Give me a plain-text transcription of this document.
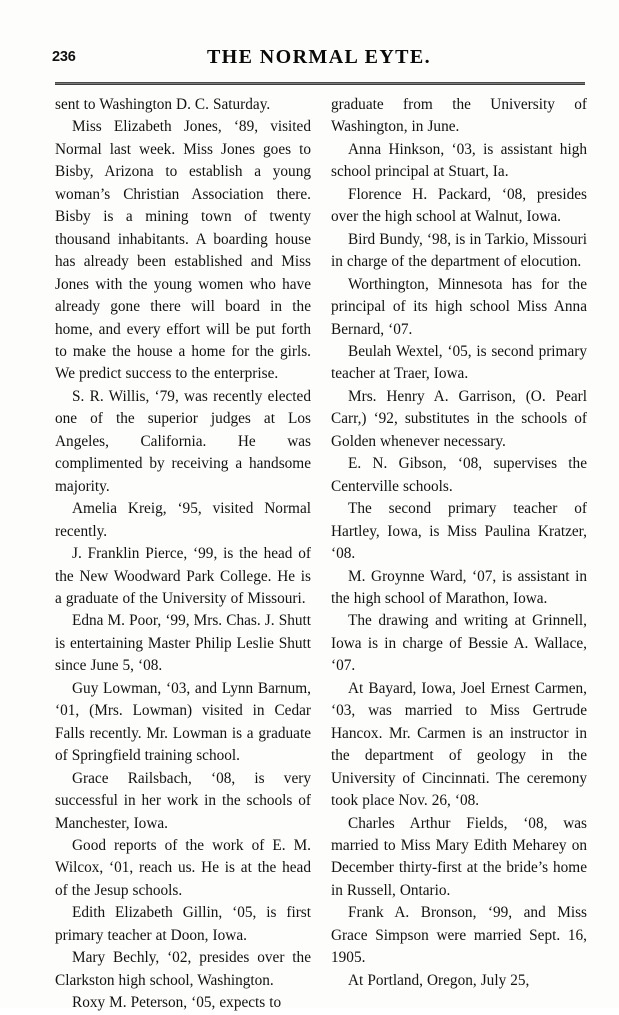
236	THE NORMAL EYTE.

sent to Washington D. C. Saturday.

Miss Elizabeth Jones, ‘89, visited Normal last week. Miss Jones goes to Bisby, Arizona to establish a young woman’s Christian Association there. Bisby is a mining town of twenty thousand inhabitants. A boarding house has already been established and Miss Jones with the young women who have already gone there will board in the home, and every effort will be put forth to make the house a home for the girls. We predict success to the enterprise.

S. R. Willis, ‘79, was recently elected one of the superior judges at Los Angeles, California. He was complimented by receiving a handsome majority.

Amelia Kreig, ‘95, visited Normal recently.

J. Franklin Pierce, ‘99, is the head of the New Woodward Park College. He is a graduate of the University of Missouri.

Edna M. Poor, ‘99, Mrs. Chas. J. Shutt is entertaining Master Philip Leslie Shutt since June 5, ‘08.

Guy Lowman, ‘03, and Lynn Barnum, ‘01, (Mrs. Lowman) visited in Cedar Falls recently. Mr. Lowman is a graduate of Springfield training school.

Grace Railsbach, ‘08, is very successful in her work in the schools of Manchester, Iowa.

Good reports of the work of E. M. Wilcox, ‘01, reach us. He is at the head of the Jesup schools.

Edith Elizabeth Gillin, ‘05, is first primary teacher at Doon, Iowa.

Mary Bechly, ‘02, presides over the Clarkston high school, Washington.

Roxy M. Peterson, ‘05, expects to

graduate from the University of Washington, in June.

Anna Hinkson, ‘03, is assistant high school principal at Stuart, Ia.

Florence H. Packard, ‘08, presides over the high school at Walnut, Iowa.

Bird Bundy, ‘98, is in Tarkio, Missouri in charge of the department of elocution.

Worthington, Minnesota has for the principal of its high school Miss Anna Bernard, ‘07.

Beulah Wextel, ‘05, is second primary teacher at Traer, Iowa.

Mrs. Henry A. Garrison, (O. Pearl Carr,) ‘92, substitutes in the schools of Golden whenever necessary.

E. N. Gibson, ‘08, supervises the Centerville schools.

The second primary teacher of Hartley, Iowa, is Miss Paulina Kratzer, ‘08.

M. Groynne Ward, ‘07, is assistant in the high school of Marathon, Iowa.

The drawing and writing at Grinnell, Iowa is in charge of Bessie A. Wallace, ‘07.

At Bayard, Iowa, Joel Ernest Carmen, ‘03, was married to Miss Gertrude Hancox. Mr. Carmen is an instructor in the department of geology in the University of Cincinnati. The ceremony took place Nov. 26, ‘08.

Charles Arthur Fields, ‘08, was married to Miss Mary Edith Meharey on December thirty-first at the bride’s home in Russell, Ontario.

Frank A. Bronson, ‘99, and Miss Grace Simpson were married Sept. 16, 1905.

At Portland, Oregon, July 25,
